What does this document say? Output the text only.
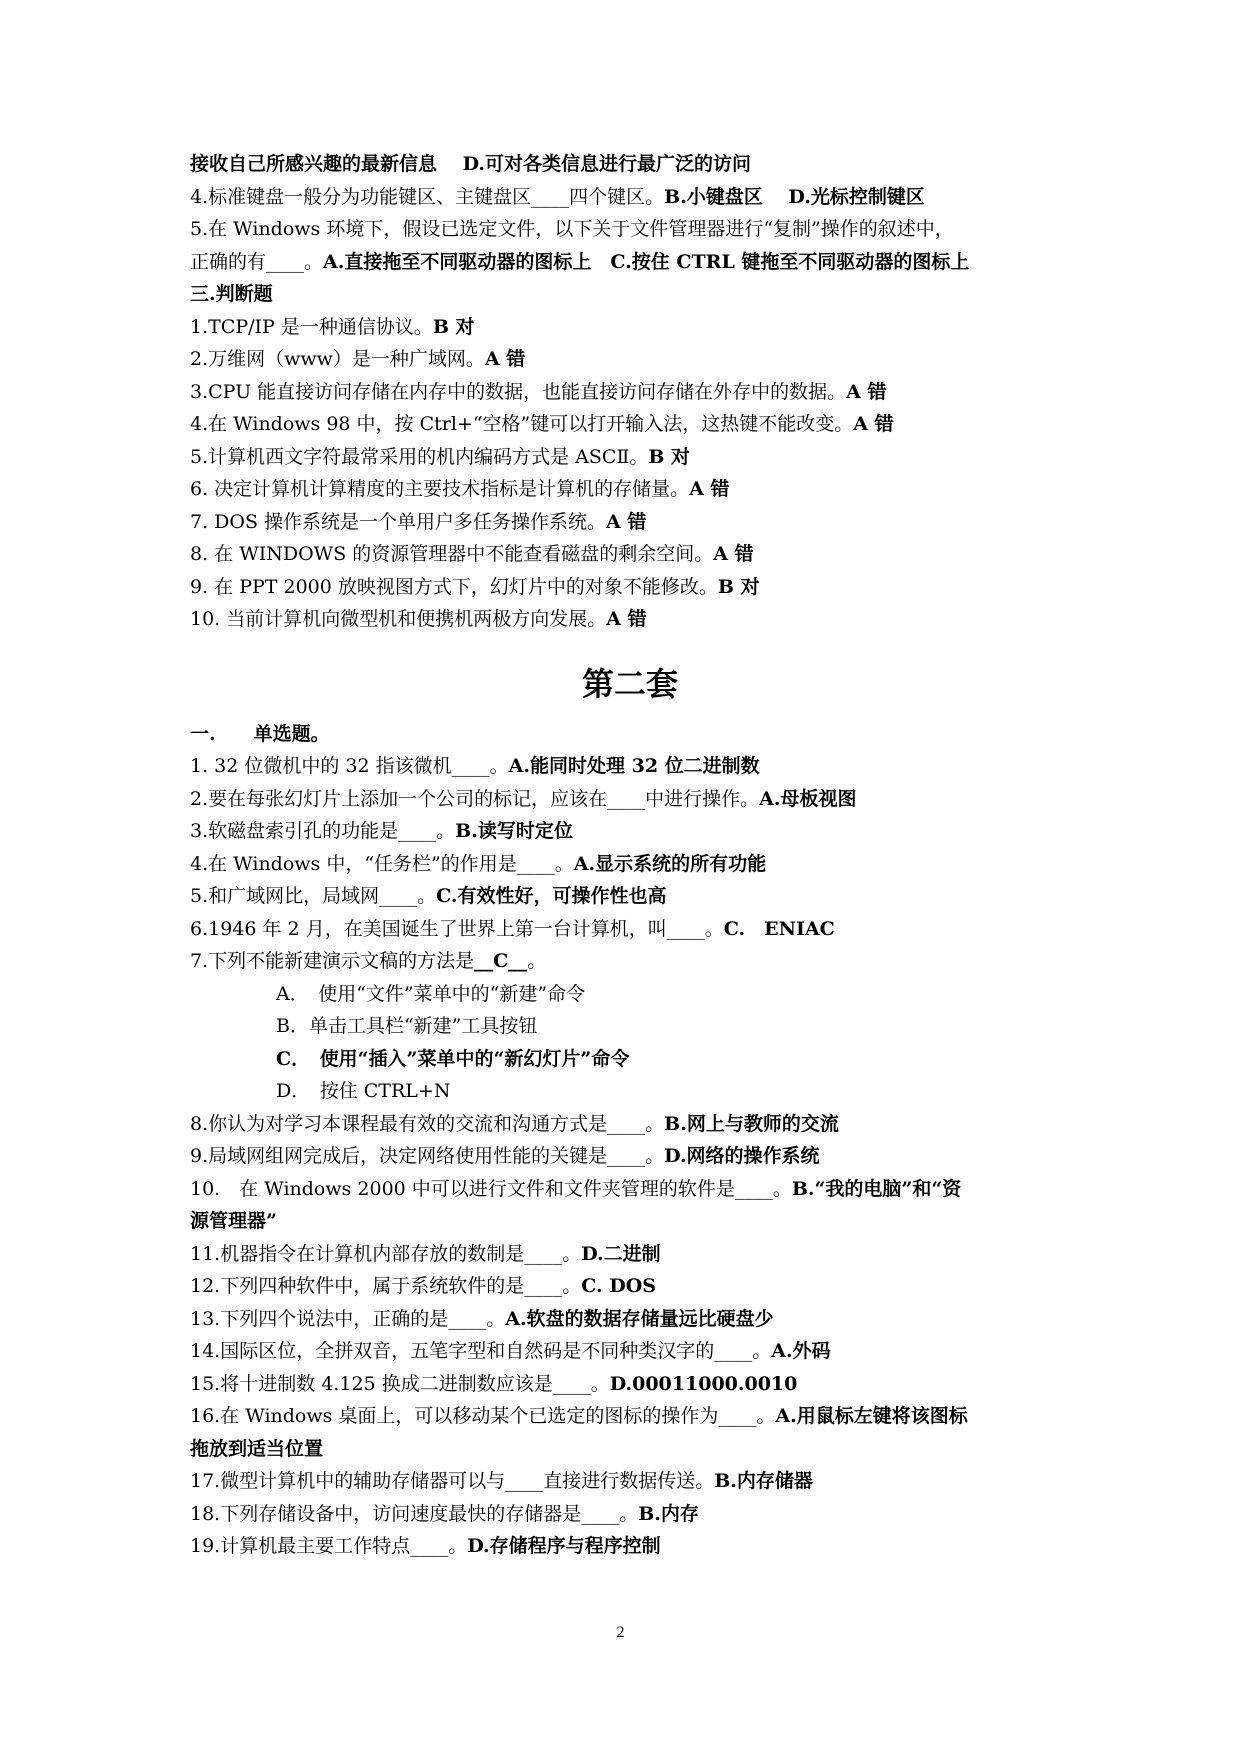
接收自己所感兴趣的最新信息　 D.可对各类信息进行最广泛的访问
4.标准键盘一般分为功能键区、主键盘区____四个键区。B.小键盘区　 D.光标控制键区
5.在 Windows 环境下，假设已选定文件，以下关于文件管理器进行“复制”操作的叙述中，
正确的有____。A.直接拖至不同驱动器的图标上　C.按住 CTRL 键拖至不同驱动器的图标上
三.判断题
1.TCP/IP 是一种通信协议。B 对
2.万维网（www）是一种广域网。A 错
3.CPU 能直接访问存储在内存中的数据，也能直接访问存储在外存中的数据。A 错
4.在 Windows 98 中，按 Ctrl+“空格”键可以打开输入法，这热键不能改变。A 错
5.计算机西文字符最常采用的机内编码方式是 ASCⅡ。B 对
6. 决定计算机计算精度的主要技术指标是计算机的存储量。A 错
7. DOS 操作系统是一个单用户多任务操作系统。A 错
8. 在 WINDOWS 的资源管理器中不能查看磁盘的剩余空间。A 错
9. 在 PPT 2000 放映视图方式下，幻灯片中的对象不能修改。B 对
10. 当前计算机向微型机和便携机两极方向发展。A 错
第二套
一.　　单选题。
1. 32 位微机中的 32 指该微机____。A.能同时处理 32 位二进制数
2.要在每张幻灯片上添加一个公司的标记，应该在____中进行操作。A.母板视图
3.软磁盘索引孔的功能是____。B.读写时定位
4.在 Windows 中，“任务栏”的作用是____。A.显示系统的所有功能
5.和广域网比，局域网____。C.有效性好，可操作性也高
6.1946 年 2 月，在美国诞生了世界上第一台计算机，叫____。C.　ENIAC
7.下列不能新建演示文稿的方法是__C__。
A．　使用“文件”菜单中的“新建”命令
B．单击工具栏“新建”工具按钮
C．　使用“插入”菜单中的“新幻灯片”命令
D．　按住 CTRL+N
8.你认为对学习本课程最有效的交流和沟通方式是____。B.网上与教师的交流
9.局域网组网完成后，决定网络使用性能的关键是____。D.网络的操作系统
10.　在 Windows 2000 中可以进行文件和文件夹管理的软件是____。B.“我的电脑”和“资
源管理器”
11.机器指令在计算机内部存放的数制是____。D.二进制
12.下列四种软件中，属于系统软件的是____。C. DOS
13.下列四个说法中，正确的是____。A.软盘的数据存储量远比硬盘少
14.国际区位，全拼双音，五笔字型和自然码是不同种类汉字的____。A.外码
15.将十进制数 4.125 换成二进制数应该是____。D.00011000.0010
16.在 Windows 桌面上，可以移动某个已选定的图标的操作为____。A.用鼠标左键将该图标
拖放到适当位置
17.微型计算机中的辅助存储器可以与____直接进行数据传送。B.内存储器
18.下列存储设备中，访问速度最快的存储器是____。B.内存
19.计算机最主要工作特点____。D.存储程序与程序控制
2
